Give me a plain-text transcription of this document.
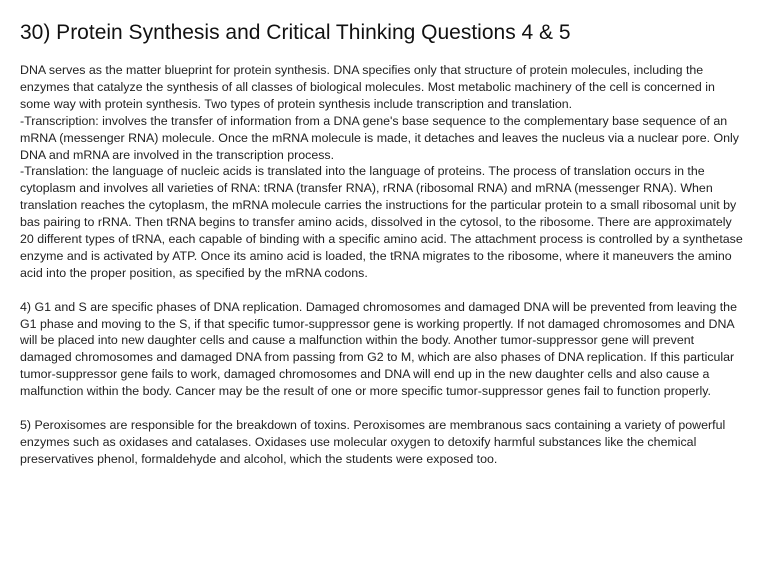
30) Protein Synthesis and Critical Thinking Questions 4 & 5

DNA serves as the matter blueprint for protein synthesis. DNA specifies only that structure of protein molecules, including the enzymes that catalyze the synthesis of all classes of biological molecules. Most metabolic machinery of the cell is concerned in some way with protein synthesis. Two types of protein synthesis include transcription and translation.

-Transcription: involves the transfer of information from a DNA gene's base sequence to the complementary base sequence of an mRNA (messenger RNA) molecule. Once the mRNA molecule is made, it detaches and leaves the nucleus via a nuclear pore. Only DNA and mRNA are involved in the transcription process.

-Translation: the language of nucleic acids is translated into the language of proteins. The process of translation occurs in the cytoplasm and involves all varieties of RNA: tRNA (transfer RNA), rRNA (ribosomal RNA) and mRNA (messenger RNA). When translation reaches the cytoplasm, the mRNA molecule carries the instructions for the particular protein to a small ribosomal unit by bas pairing to rRNA. Then tRNA begins to transfer amino acids, dissolved in the cytosol, to the ribosome. There are approximately 20 different types of tRNA, each capable of binding with a specific amino acid. The attachment process is controlled by a synthetase enzyme and is activated by ATP. Once its amino acid is loaded, the tRNA migrates to the ribosome, where it maneuvers the amino acid into the proper position, as specified by the mRNA codons.

4) G1 and S are specific phases of DNA replication. Damaged chromosomes and damaged DNA will be prevented from leaving the G1 phase and moving to the S, if that specific tumor-suppressor gene is working propertly. If not damaged chromosomes and DNA will be placed into new daughter cells and cause a malfunction within the body. Another tumor-suppressor gene will prevent damaged chromosomes and damaged DNA from passing from G2 to M, which are also phases of DNA replication. If this particular tumor-suppressor gene fails to work, damaged chromosomes and DNA will end up in the new daughter cells and also cause a malfunction within the body. Cancer may be the result of one or more specific tumor-suppressor genes fail to function properly.

5) Peroxisomes are responsible for the breakdown of toxins. Peroxisomes are membranous sacs containing a variety of powerful enzymes such as oxidases and catalases. Oxidases use molecular oxygen to detoxify harmful substances like the chemical preservatives phenol, formaldehyde and alcohol, which the students were exposed too.
